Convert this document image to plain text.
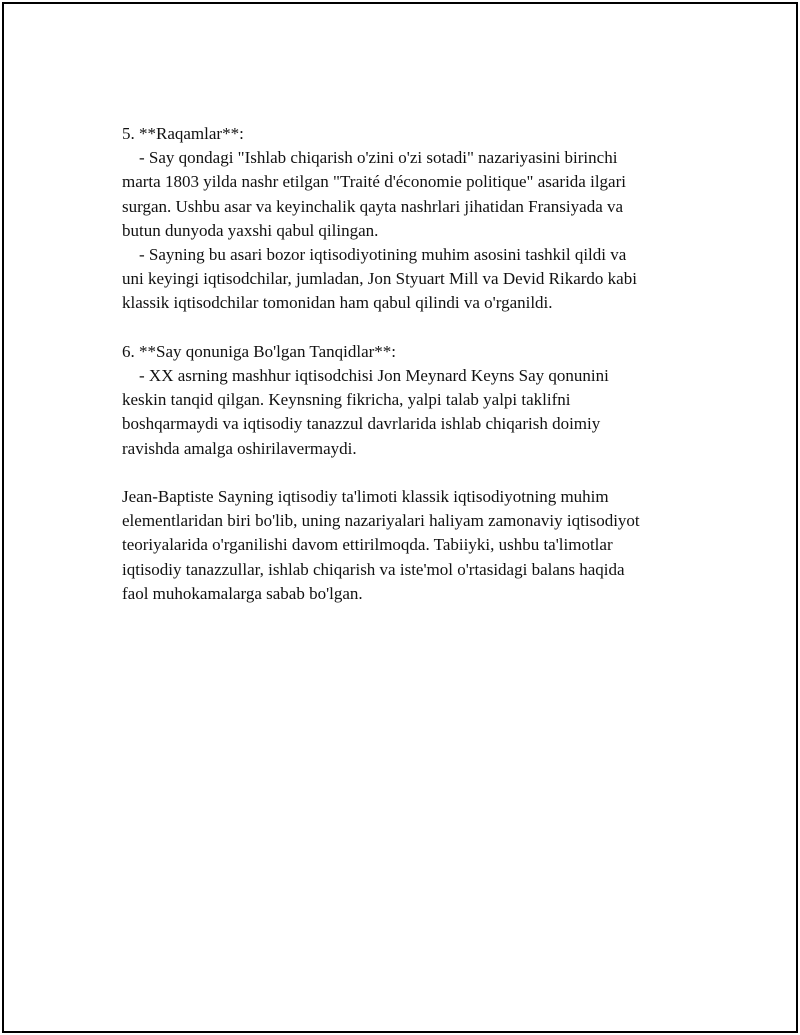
5. **Raqamlar**:
- Say qondagi "Ishlab chiqarish o'zini o'zi sotadi" nazariyasini birinchi
marta 1803 yilda nashr etilgan "Traité d'économie politique" asarida ilgari
surgan. Ushbu asar va keyinchalik qayta nashrlari jihatidan Fransiyada va
butun dunyoda yaxshi qabul qilingan.
- Sayning bu asari bozor iqtisodiyotining muhim asosini tashkil qildi va
uni keyingi iqtisodchilar, jumladan, Jon Styuart Mill va Devid Rikardo kabi
klassik iqtisodchilar tomonidan ham qabul qilindi va o'rganildi.
6. **Say qonuniga Bo'lgan Tanqidlar**:
- XX asrning mashhur iqtisodchisi Jon Meynard Keyns Say qonunini
keskin tanqid qilgan. Keynsning fikricha, yalpi talab yalpi taklifni
boshqarmaydi va iqtisodiy tanazzul davrlarida ishlab chiqarish doimiy
ravishda amalga oshirilavermaydi.
Jean-Baptiste Sayning iqtisodiy ta'limoti klassik iqtisodiyotning muhim
elementlaridan biri bo'lib, uning nazariyalari haliyam zamonaviy iqtisodiyot
teoriyalarida o'rganilishi davom ettirilmoqda. Tabiiyki, ushbu ta'limotlar
iqtisodiy tanazzullar, ishlab chiqarish va iste'mol o'rtasidagi balans haqida
faol muhokamalarga sabab bo'lgan.
